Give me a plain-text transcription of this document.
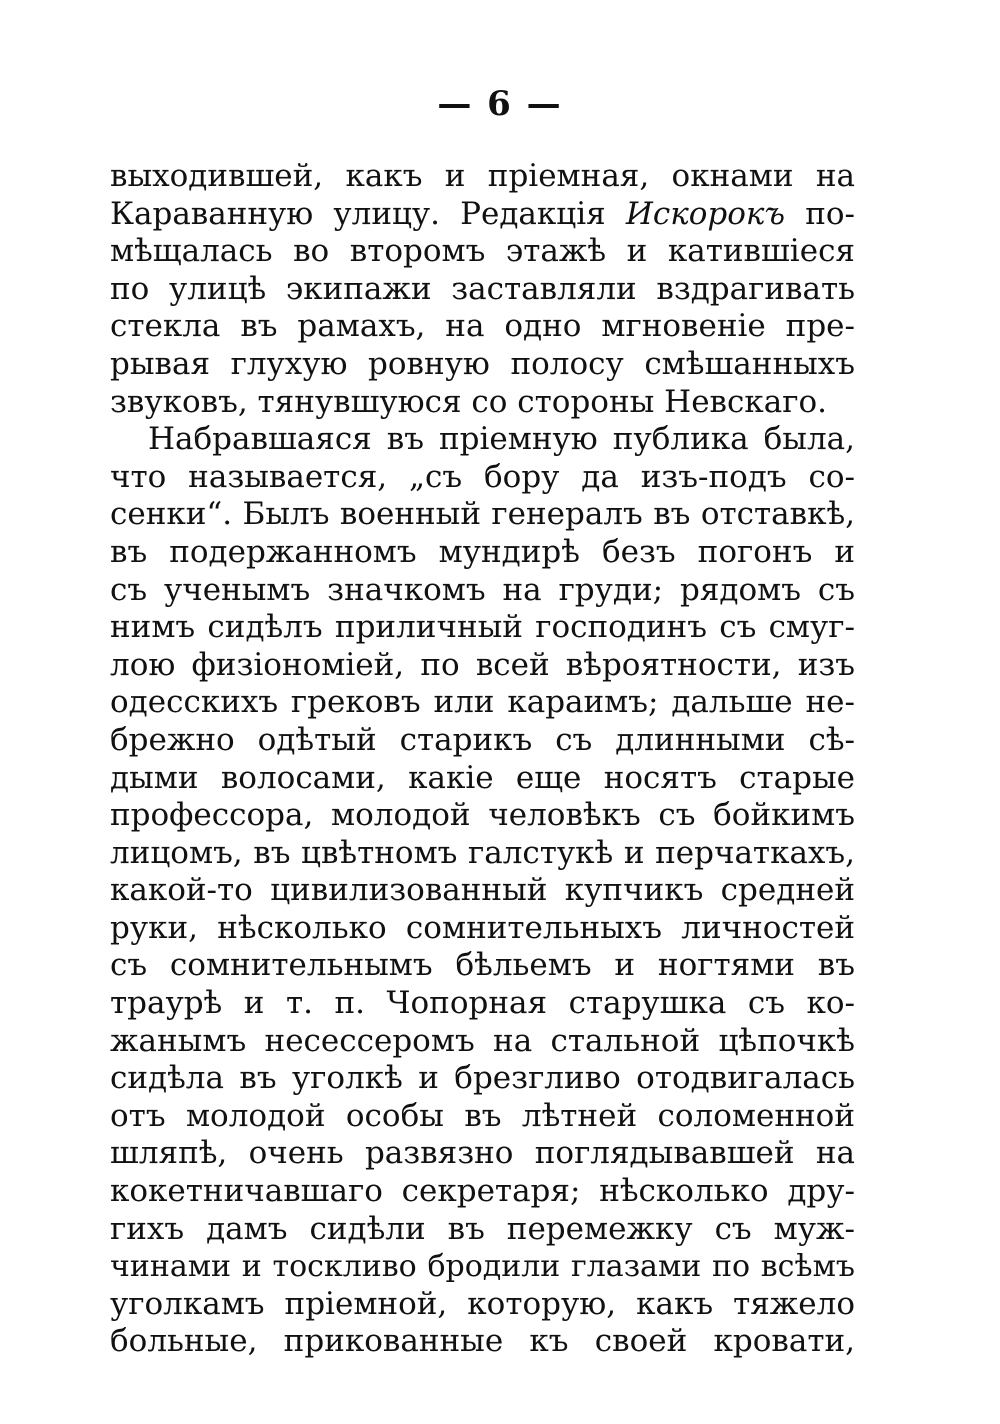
— 6 —
выходившей, какъ и пріемная, окнами на
Караванную улицу. Редакція Искорокъ по-
мѣщалась во второмъ этажѣ и катившіеся
по улицѣ экипажи заставляли вздрагивать
стекла въ рамахъ, на одно мгновеніе пре-
рывая глухую ровную полосу смѣшанныхъ
звуковъ, тянувшуюся со стороны Невскаго.
Набравшаяся въ пріемную публика была,
что называется, „съ бору да изъ-подъ со-
сенки“. Былъ военный генералъ въ отставкѣ,
въ подержанномъ мундирѣ безъ погонъ и
съ ученымъ значкомъ на груди; рядомъ съ
нимъ сидѣлъ приличный господинъ съ смуг-
лою физіономіей, по всей вѣроятности, изъ
одесскихъ грековъ или караимъ; дальше не-
брежно одѣтый старикъ съ длинными сѣ-
дыми волосами, какіе еще носятъ старые
профессора, молодой человѣкъ съ бойкимъ
лицомъ, въ цвѣтномъ галстукѣ и перчаткахъ,
какой-то цивилизованный купчикъ средней
руки, нѣсколько сомнительныхъ личностей
съ сомнительнымъ бѣльемъ и ногтями въ
траурѣ и т. п. Чопорная старушка съ ко-
жанымъ несессеромъ на стальной цѣпочкѣ
сидѣла въ уголкѣ и брезгливо отодвигалась
отъ молодой особы въ лѣтней соломенной
шляпѣ, очень развязно поглядывавшей на
кокетничавшаго секретаря; нѣсколько дру-
гихъ дамъ сидѣли въ перемежку съ муж-
чинами и тоскливо бродили глазами по всѣмъ
уголкамъ пріемной, которую, какъ тяжело
больные, прикованные къ своей кровати,
